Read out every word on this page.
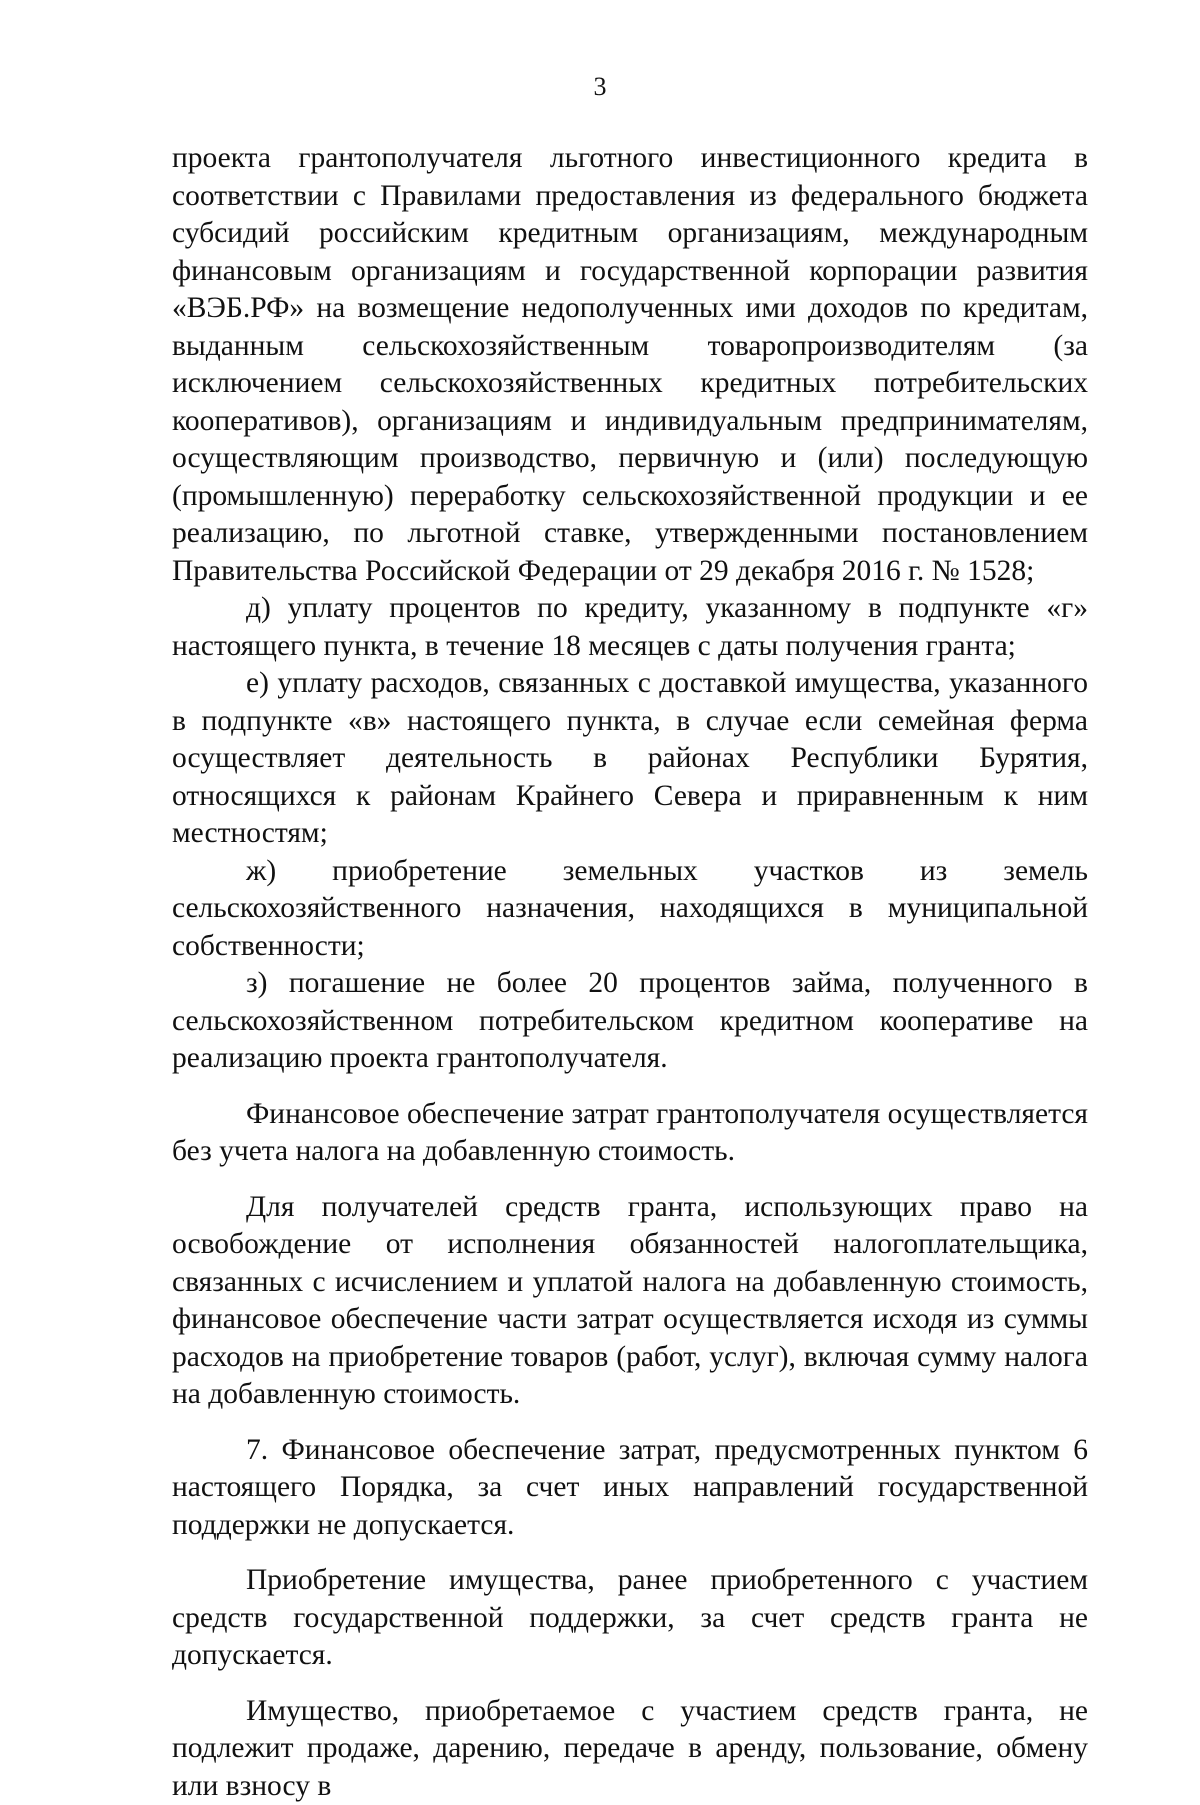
3

проекта грантополучателя льготного инвестиционного кредита в соответствии с Правилами предоставления из федерального бюджета субсидий российским кредитным организациям, международным финансовым организациям и государственной корпорации развития «ВЭБ.РФ» на возмещение недополученных ими доходов по кредитам, выданным сельскохозяйственным товаропроизводителям (за исключением сельскохозяйственных кредитных потребительских кооперативов), организациям и индивидуальным предпринимателям, осуществляющим производство, первичную и (или) последующую (промышленную) переработку сельскохозяйственной продукции и ее реализацию, по льготной ставке, утвержденными постановлением Правительства Российской Федерации от 29 декабря 2016 г. № 1528;

д) уплату процентов по кредиту, указанному в подпункте «г» настоящего пункта, в течение 18 месяцев с даты получения гранта;

е) уплату расходов, связанных с доставкой имущества, указанного в подпункте «в» настоящего пункта, в случае если семейная ферма осуществляет деятельность в районах Республики Бурятия, относящихся к районам Крайнего Севера и приравненным к ним местностям;

ж) приобретение земельных участков из земель сельскохозяйственного назначения, находящихся в муниципальной собственности;

з) погашение не более 20 процентов займа, полученного в сельскохозяйственном потребительском кредитном кооперативе на реализацию проекта грантополучателя.

Финансовое обеспечение затрат грантополучателя осуществляется без учета налога на добавленную стоимость.

Для получателей средств гранта, использующих право на освобождение от исполнения обязанностей налогоплательщика, связанных с исчислением и уплатой налога на добавленную стоимость, финансовое обеспечение части затрат осуществляется исходя из суммы расходов на приобретение товаров (работ, услуг), включая сумму налога на добавленную стоимость.

7. Финансовое обеспечение затрат, предусмотренных пунктом 6 настоящего Порядка, за счет иных направлений государственной поддержки не допускается.

Приобретение имущества, ранее приобретенного с участием средств государственной поддержки, за счет средств гранта не допускается.

Имущество, приобретаемое с участием средств гранта, не подлежит продаже, дарению, передаче в аренду, пользование, обмену или взносу в
